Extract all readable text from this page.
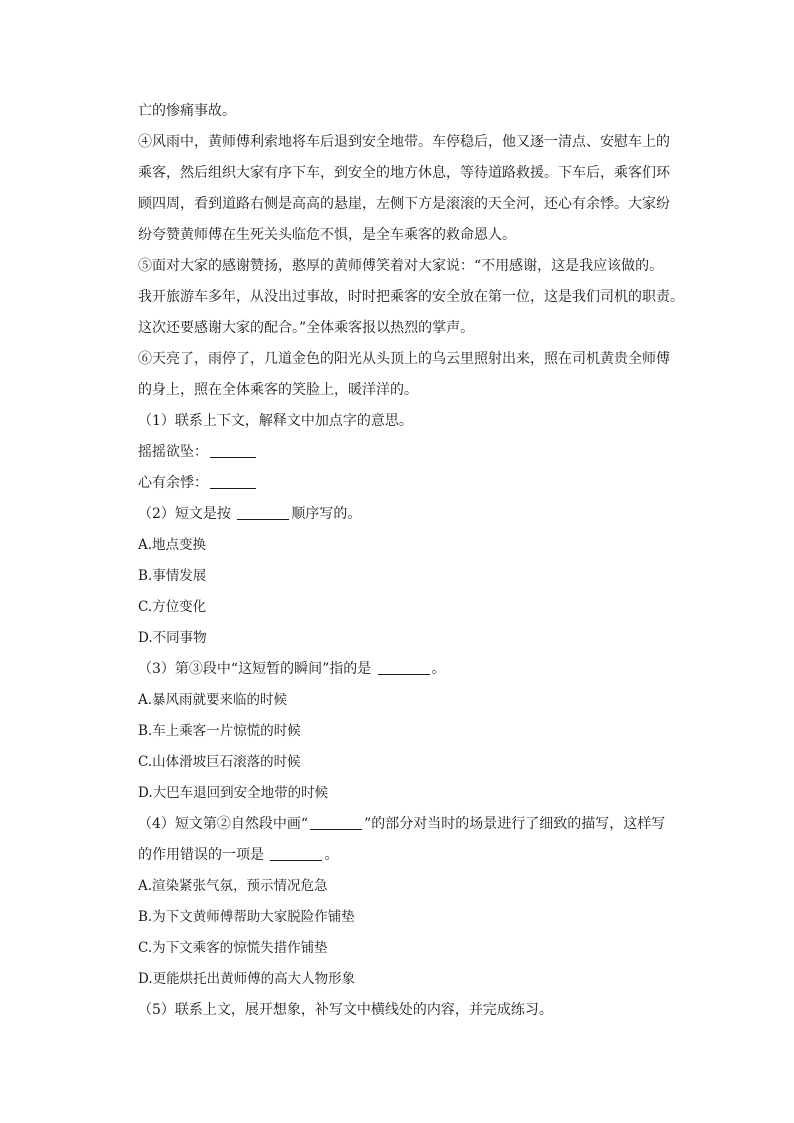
亡的惨痛事故。
④风雨中，黄师傅利索地将车后退到安全地带。车停稳后，他又逐一清点、安慰车上的
乘客，然后组织大家有序下车，到安全的地方休息，等待道路救援。下车后，乘客们环
顾四周，看到道路右侧是高高的悬崖，左侧下方是滚滚的天全河，还心有余悸。大家纷
纷夸赞黄师傅在生死关头临危不惧，是全车乘客的救命恩人。
⑤面对大家的感谢赞扬，憨厚的黄师傅笑着对大家说：“不用感谢，这是我应该做的。
我开旅游车多年，从没出过事故，时时把乘客的安全放在第一位，这是我们司机的职责。
这次还要感谢大家的配合。”全体乘客报以热烈的掌声。
⑥天亮了，雨停了，几道金色的阳光从头顶上的乌云里照射出来，照在司机黄贵全师傅
的身上，照在全体乘客的笑脸上，暖洋洋的。
（1）联系上下文，解释文中加点字的意思。
摇摇欲坠：
心有余悸：
（2）短文是按	顺序写的。
A.地点变换
B.事情发展
C.方位变化
D.不同事物
（3）第③段中“这短暂的瞬间”指的是	。
A.暴风雨就要来临的时候
B.车上乘客一片惊慌的时候
C.山体滑坡巨石滚落的时候
D.大巴车退回到安全地带的时候
（4）短文第②自然段中画“	”的部分对当时的场景进行了细致的描写，这样写
的作用错误的一项是	。
A.渲染紧张气氛，预示情况危急
B.为下文黄师傅帮助大家脱险作铺垫
C.为下文乘客的惊慌失措作铺垫
D.更能烘托出黄师傅的高大人物形象
（5）联系上文，展开想象，补写文中横线处的内容，并完成练习。
